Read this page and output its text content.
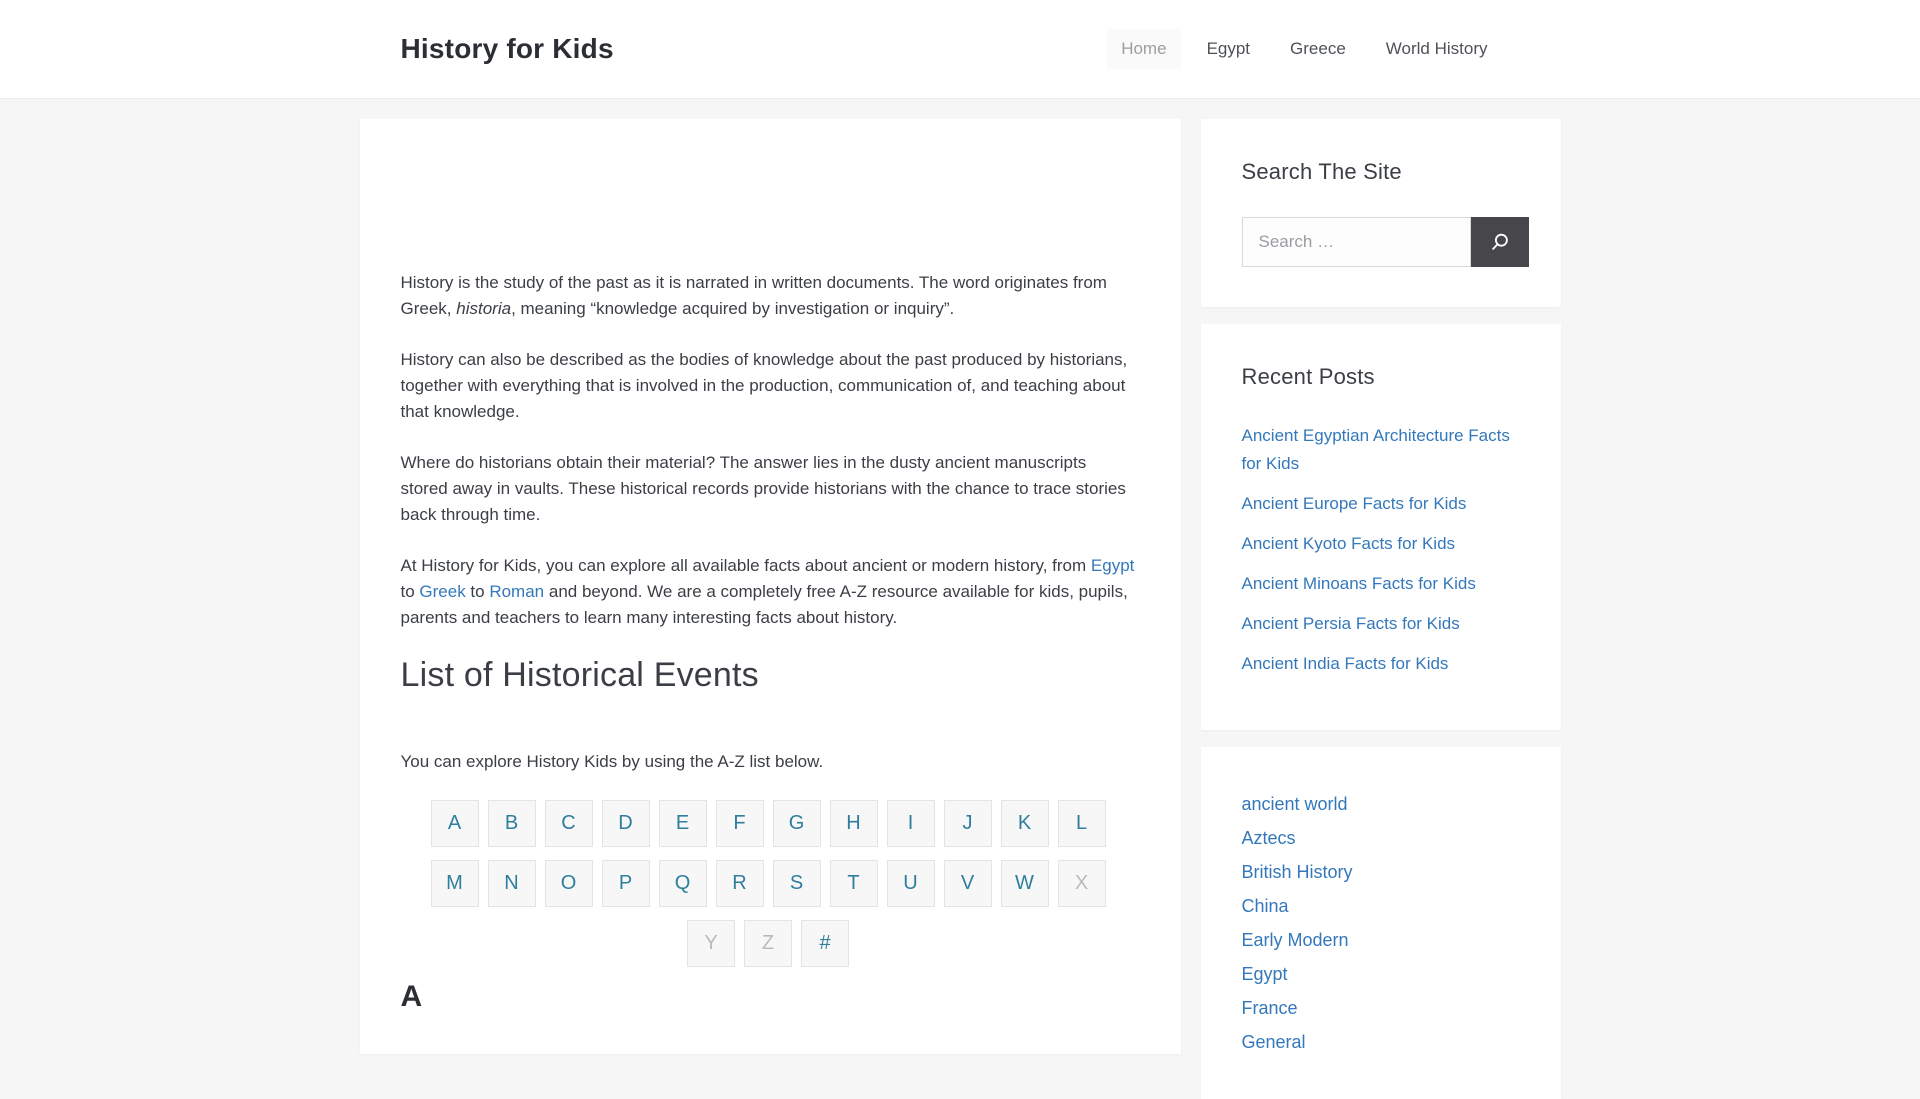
History for Kids	Home	Egypt	Greece	World History

History is the study of the past as it is narrated in written documents. The word originates from Greek, historia, meaning “knowledge acquired by investigation or inquiry”.

History can also be described as the bodies of knowledge about the past produced by historians, together with everything that is involved in the production, communication of, and teaching about that knowledge.

Where do historians obtain their material? The answer lies in the dusty ancient manuscripts stored away in vaults. These historical records provide historians with the chance to trace stories back through time.

At History for Kids, you can explore all available facts about ancient or modern history, from Egypt to Greek to Roman and beyond. We are a completely free A-Z resource available for kids, pupils, parents and teachers to learn many interesting facts about history.

List of Historical Events

You can explore History Kids by using the A-Z list below.

A	B	C	D	E	F	G	H	I	J	K	L
M	N	O	P	Q	R	S	T	U	V	W	X
Y	Z	#
A
Search The Site
Search …
Recent Posts
Ancient Egyptian Architecture Facts for Kids
Ancient Europe Facts for Kids
Ancient Kyoto Facts for Kids
Ancient Minoans Facts for Kids
Ancient Persia Facts for Kids
Ancient India Facts for Kids
ancient world
Aztecs
British History
China
Early Modern
Egypt
France
General
